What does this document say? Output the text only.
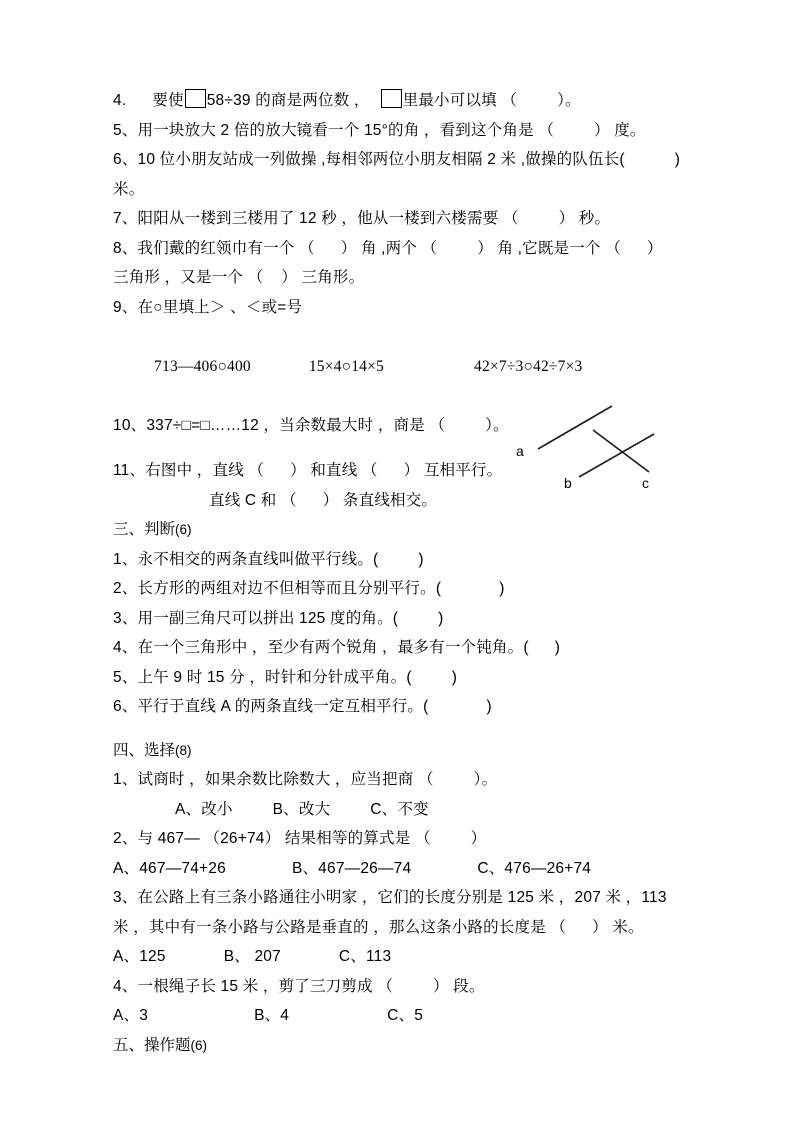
4. 要使 58÷39 的商是两位数 ， 里最小可以填 （	）。
5、用一块放大 2 倍的放大镜看一个 15°的角 ，看到这个角是 （	） 度。
6、10 位小朋友站成一列做操 ,每相邻两位小朋友相隔 2 米 ,做操的队伍长(	)
米。
7、阳阳从一楼到三楼用了 12 秒 ，他从一楼到六楼需要 （	） 秒。
8、我们戴的红领巾有一个 （ ） 角 ,两个 （	） 角 ,它既是一个 （ ）
三角形 ，又是一个 （ ） 三角形。
9、在○里填上＞ 、＜或=号

713—406○400	15×4○14×5	42×7÷3○42÷7×3

10、337÷□=□……12 ，当余数最大时 ，商是 （	）。
11、右图中 ，直线 （ ） 和直线 （ ） 互相平行。
直线 C 和 （ ） 条直线相交。
三、判断(6)
1、永不相交的两条直线叫做平行线。(	)
2、长方形的两组对边不但相等而且分别平行。(	)
3、用一副三角尺可以拼出 125 度的角。(	)
4、在一个三角形中 ，至少有两个锐角 ，最多有一个钝角。( )
5、上午 9 时 15 分 ，时针和分针成平角。(	)
6、平行于直线 A 的两条直线一定互相平行。(	)
四、选择(8)
1、试商时 ，如果余数比除数大 ，应当把商 （	）。
A、改小	B、改大	C、不变
2、与 467— （26+74） 结果相等的算式是 （	）
A、467—74+26	B、467—26—74	C、476—26+74
3、在公路上有三条小路通往小明家 ，它们的长度分别是 125 米 ，207 米 ，113
米 ，其中有一条小路与公路是垂直的 ，那么这条小路的长度是 （ ） 米。
A、125	B、 207	C、113
4、一根绳子长 15 米 ，剪了三刀剪成 （	） 段。
A、3	B、4	C、5
五、操作题(6)
a
b	c
